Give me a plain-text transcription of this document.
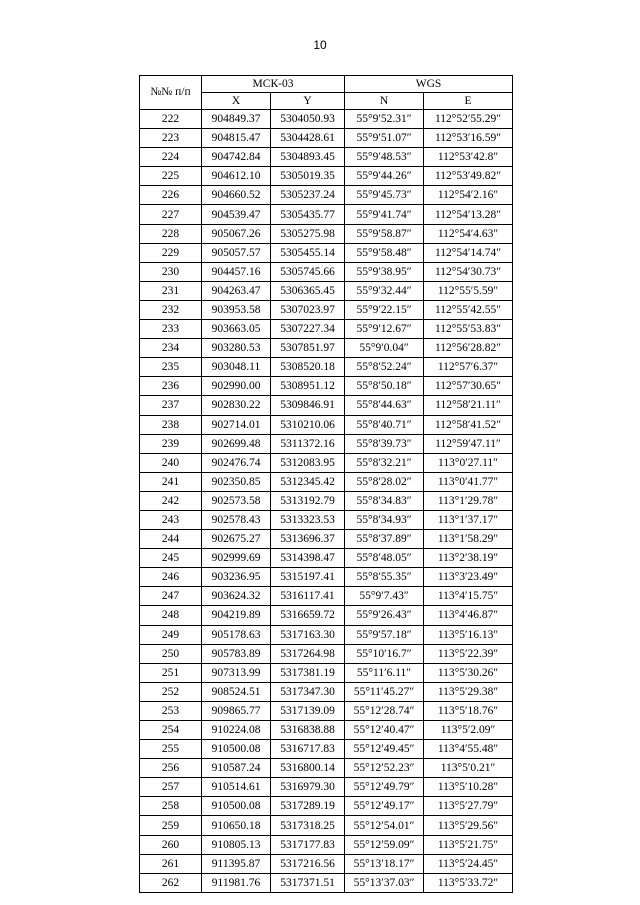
10
№№ п/п	МСК-03		WGS	
	X	Y	N	E
222	904849.37	5304050.93	55°9′52.31″	112°52′55.29″
223	904815.47	5304428.61	55°9′51.07″	112°53′16.59″
224	904742.84	5304893.45	55°9′48.53″	112°53′42.8″
225	904612.10	5305019.35	55°9′44.26″	112°53′49.82″
226	904660.52	5305237.24	55°9′45.73″	112°54′2.16″
227	904539.47	5305435.77	55°9′41.74″	112°54′13.28″
228	905067.26	5305275.98	55°9′58.87″	112°54′4.63″
229	905057.57	5305455.14	55°9′58.48″	112°54′14.74″
230	904457.16	5305745.66	55°9′38.95″	112°54′30.73″
231	904263.47	5306365.45	55°9′32.44″	112°55′5.59″
232	903953.58	5307023.97	55°9′22.15″	112°55′42.55″
233	903663.05	5307227.34	55°9′12.67″	112°55′53.83″
234	903280.53	5307851.97	55°9′0.04″	112°56′28.82″
235	903048.11	5308520.18	55°8′52.24″	112°57′6.37″
236	902990.00	5308951.12	55°8′50.18″	112°57′30.65″
237	902830.22	5309846.91	55°8′44.63″	112°58′21.11″
238	902714.01	5310210.06	55°8′40.71″	112°58′41.52″
239	902699.48	5311372.16	55°8′39.73″	112°59′47.11″
240	902476.74	5312083.95	55°8′32.21″	113°0′27.11″
241	902350.85	5312345.42	55°8′28.02″	113°0′41.77″
242	902573.58	5313192.79	55°8′34.83″	113°1′29.78″
243	902578.43	5313323.53	55°8′34.93″	113°1′37.17″
244	902675.27	5313696.37	55°8′37.89″	113°1′58.29″
245	902999.69	5314398.47	55°8′48.05″	113°2′38.19″
246	903236.95	5315197.41	55°8′55.35″	113°3′23.49″
247	903624.32	5316117.41	55°9′7.43″	113°4′15.75″
248	904219.89	5316659.72	55°9′26.43″	113°4′46.87″
249	905178.63	5317163.30	55°9′57.18″	113°5′16.13″
250	905783.89	5317264.98	55°10′16.7″	113°5′22.39″
251	907313.99	5317381.19	55°11′6.11″	113°5′30.26″
252	908524.51	5317347.30	55°11′45.27″	113°5′29.38″
253	909865.77	5317139.09	55°12′28.74″	113°5′18.76″
254	910224.08	5316838.88	55°12′40.47″	113°5′2.09″
255	910500.08	5316717.83	55°12′49.45″	113°4′55.48″
256	910587.24	5316800.14	55°12′52.23″	113°5′0.21″
257	910514.61	5316979.30	55°12′49.79″	113°5′10.28″
258	910500.08	5317289.19	55°12′49.17″	113°5′27.79″
259	910650.18	5317318.25	55°12′54.01″	113°5′29.56″
260	910805.13	5317177.83	55°12′59.09″	113°5′21.75″
261	911395.87	5317216.56	55°13′18.17″	113°5′24.45″
262	911981.76	5317371.51	55°13′37.03″	113°5′33.72″
